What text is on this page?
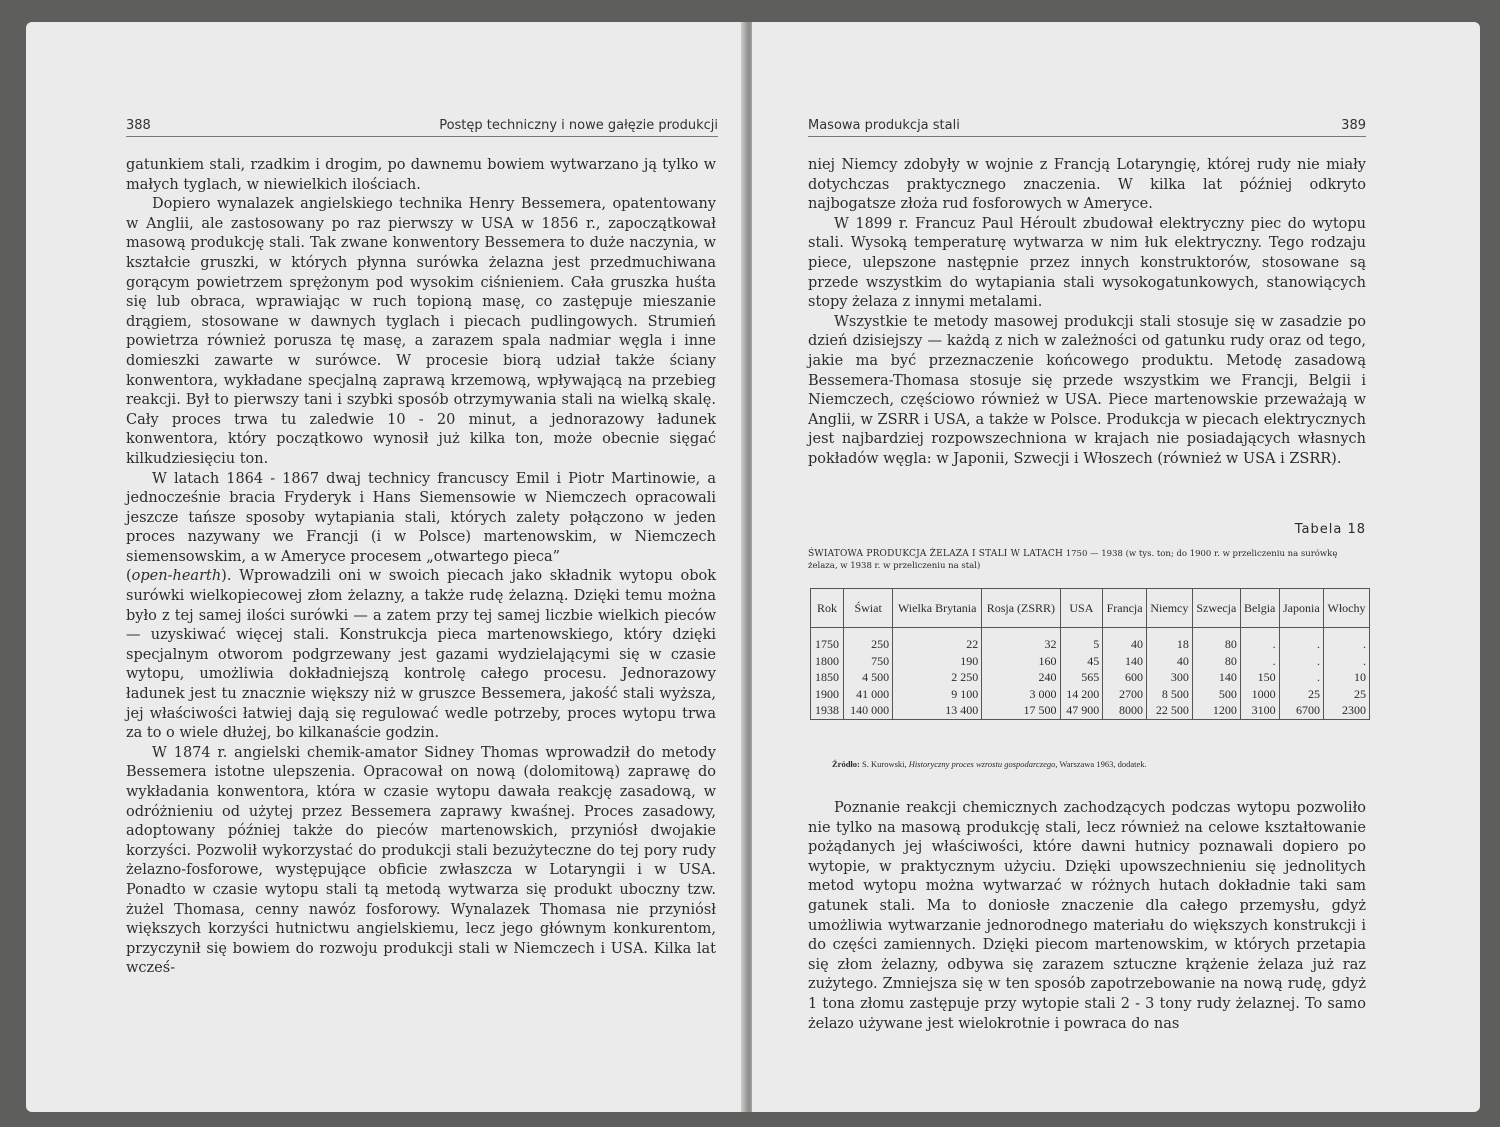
388	Postęp techniczny i nowe gałęzie produkcji

gatunkiem stali, rzadkim i drogim, po dawnemu bowiem wytwarzano ją tylko w małych tyglach, w niewielkich ilościach.

Dopiero wynalazek angielskiego technika Henry Bessemera, opatentowany w Anglii, ale zastosowany po raz pierwszy w USA w 1856 r., zapoczątkował masową produkcję stali. Tak zwane konwentory Bessemera to duże naczynia, w kształcie gruszki, w których płynna surówka żelazna jest przedmuchiwana gorącym powietrzem sprężonym pod wysokim ciśnieniem. Cała gruszka huśta się lub obraca, wprawiając w ruch topioną masę, co zastępuje mieszanie drągiem, stosowane w dawnych tyglach i piecach pudlingowych. Strumień powietrza również porusza tę masę, a zarazem spala nadmiar węgla i inne domieszki zawarte w surówce. W procesie biorą udział także ściany konwentora, wykładane specjalną zaprawą krzemową, wpływającą na przebieg reakcji. Był to pierwszy tani i szybki sposób otrzymywania stali na wielką skalę. Cały proces trwa tu zaledwie 10 - 20 minut, a jednorazowy ładunek konwentora, który początkowo wynosił już kilka ton, może obecnie sięgać kilkudziesięciu ton.

W latach 1864 - 1867 dwaj technicy francuscy Emil i Piotr Martinowie, a jednocześnie bracia Fryderyk i Hans Siemensowie w Niemczech opracowali jeszcze tańsze sposoby wytapiania stali, których zalety połączono w jeden proces nazywany we Francji (i w Polsce) martenowskim, w Niemczech siemensowskim, a w Ameryce procesem „otwartego pieca”

(open-hearth). Wprowadzili oni w swoich piecach jako składnik wytopu obok surówki wielkopiecowej złom żelazny, a także rudę żelazną. Dzięki temu można było z tej samej ilości surówki — a zatem przy tej samej liczbie wielkich pieców — uzyskiwać więcej stali. Konstrukcja pieca martenowskiego, który dzięki specjalnym otworom podgrzewany jest gazami wydzielającymi się w czasie wytopu, umożliwia dokładniejszą kontrolę całego procesu. Jednorazowy ładunek jest tu znacznie większy niż w gruszce Bessemera, jakość stali wyższa, jej właściwości łatwiej dają się regulować wedle potrzeby, proces wytopu trwa za to o wiele dłużej, bo kilkanaście godzin.

W 1874 r. angielski chemik-amator Sidney Thomas wprowadził do metody Bessemera istotne ulepszenia. Opracował on nową (dolomitową) zaprawę do wykładania konwentora, która w czasie wytopu dawała reakcję zasadową, w odróżnieniu od użytej przez Bessemera zaprawy kwaśnej. Proces zasadowy, adoptowany później także do pieców martenowskich, przyniósł dwojakie korzyści. Pozwolił wykorzystać do produkcji stali bezużyteczne do tej pory rudy żelazno-fosforowe, występujące obficie zwłaszcza w Lotaryngii i w USA. Ponadto w czasie wytopu stali tą metodą wytwarza się produkt uboczny tzw. żużel Thomasa, cenny nawóz fosforowy. Wynalazek Thomasa nie przyniósł większych korzyści hutnictwu angielskiemu, lecz jego głównym konkurentom, przyczynił się bowiem do rozwoju produkcji stali w Niemczech i USA. Kilka lat wcześ-

Masowa produkcja stali	389

niej Niemcy zdobyły w wojnie z Francją Lotaryngię, której rudy nie miały dotychczas praktycznego znaczenia. W kilka lat później odkryto najbogatsze złoża rud fosforowych w Ameryce.

W 1899 r. Francuz Paul Héroult zbudował elektryczny piec do wytopu stali. Wysoką temperaturę wytwarza w nim łuk elektryczny. Tego rodzaju piece, ulepszone następnie przez innych konstruktorów, stosowane są przede wszystkim do wytapiania stali wysokogatunkowych, stanowiących stopy żelaza z innymi metalami.

Wszystkie te metody masowej produkcji stali stosuje się w zasadzie po dzień dzisiejszy — każdą z nich w zależności od gatunku rudy oraz od tego, jakie ma być przeznaczenie końcowego produktu. Metodę zasadową Bessemera-Thomasa stosuje się przede wszystkim we Francji, Belgii i Niemczech, częściowo również w USA. Piece martenowskie przeważają w Anglii, w ZSRR i USA, a także w Polsce. Produkcja w piecach elektrycznych jest najbardziej rozpowszechniona w krajach nie posiadających własnych pokładów węgla: w Japonii, Szwecji i Włoszech (również w USA i ZSRR).

Tabela 18
ŚWIATOWA PRODUKCJA ŻELAZA I STALI W LATACH 1750 — 1938 (w tys. ton; do 1900 r. w przeliczeniu na surówkę żelaza, w 1938 r. w przeliczeniu na stal)
Rok	Świat	Wielka Brytania	Rosja (ZSRR)	USA	Francja	Niemcy	Szwecja	Belgia	Japonia	Włochy

1750	250	22	32	5	40	18	80	.	.	.
1800	750	190	160	45	140	40	80	.	.	.
1850	4 500	2 250	240	565	600	300	140	150	.	10
1900	41 000	9 100	3 000	14 200	2700	8 500	500	1000	25	25
1938	140 000	13 400	17 500	47 900	8000	22 500	1200	3100	6700	2300
Źródło: S. Kurowski, Historyczny proces wzrostu gospodarczego, Warszawa 1963, dodatek.

Poznanie reakcji chemicznych zachodzących podczas wytopu pozwoliło nie tylko na masową produkcję stali, lecz również na celowe kształtowanie pożądanych jej właściwości, które dawni hutnicy poznawali dopiero po wytopie, w praktycznym użyciu. Dzięki upowszechnieniu się jednolitych metod wytopu można wytwarzać w różnych hutach dokładnie taki sam gatunek stali. Ma to doniosłe znaczenie dla całego przemysłu, gdyż umożliwia wytwarzanie jednorodnego materiału do większych konstrukcji i do części zamiennych. Dzięki piecom martenowskim, w których przetapia się złom żelazny, odbywa się zarazem sztuczne krążenie żelaza już raz zużytego. Zmniejsza się w ten sposób zapotrzebowanie na nową rudę, gdyż 1 tona złomu zastępuje przy wytopie stali 2 - 3 tony rudy żelaznej. To samo żelazo używane jest wielokrotnie i powraca do nas
